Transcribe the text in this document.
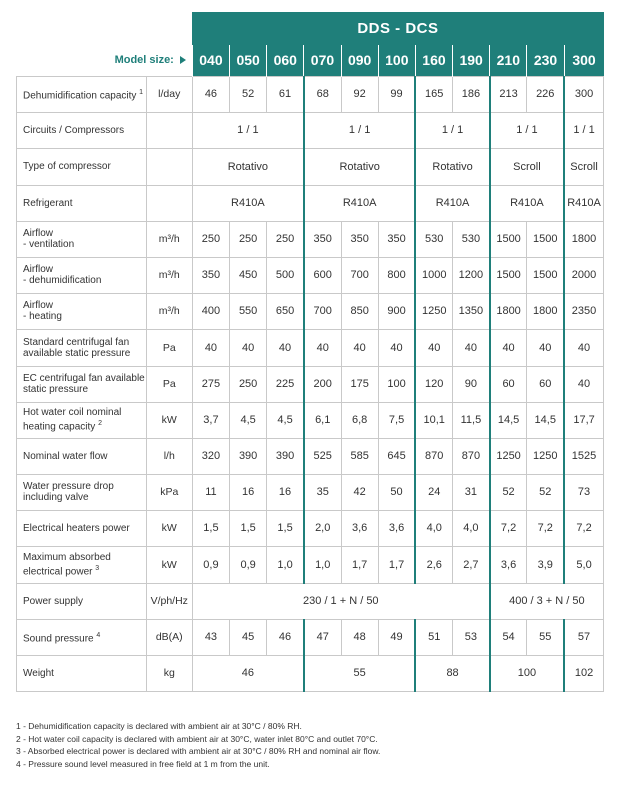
		DDS - DCS										
Model size:		040	050	060	070	090	100	160	190	210	230	300
Dehumidification capacity $^1$	l/day	46	52	61	68	92	99	165	186	213	226	300
Circuits / Compressors		1 / 1			1 / 1			1 / 1		1 / 1		1 / 1
Type of compressor		Rotativo			Rotativo			Rotativo		Scroll		Scroll
Refrigerant		R410A			R410A			R410A		R410A		R410A
Airflow
- ventilation	m³/h	250	250	250	350	350	350	530	530	1500	1500	1800
Airflow
- dehumidification	m³/h	350	450	500	600	700	800	1000	1200	1500	1500	2000
Airflow
- heating	m³/h	400	550	650	700	850	900	1250	1350	1800	1800	2350
Standard centrifugal fan available static pressure	Pa	40	40	40	40	40	40	40	40	40	40	40
EC centrifugal fan available static pressure	Pa	275	250	225	200	175	100	120	90	60	60	40
Hot water coil nominal heating capacity $^2$	kW	3,7	4,5	4,5	6,1	6,8	7,5	10,1	11,5	14,5	14,5	17,7
Nominal water flow	l/h	320	390	390	525	585	645	870	870	1250	1250	1525
Water pressure drop including valve	kPa	11	16	16	35	42	50	24	31	52	52	73
Electrical heaters power	kW	1,5	1,5	1,5	2,0	3,6	3,6	4,0	4,0	7,2	7,2	7,2
Maximum absorbed electrical power $^3$	kW	0,9	0,9	1,0	1,0	1,7	1,7	2,6	2,7	3,6	3,9	5,0
Power supply	V/ph/Hz	230 / 1 + N / 50								400 / 3 + N / 50		
Sound pressure $^4$	dB(A)	43	45	46	47	48	49	51	53	54	55	57
Weight	kg	46			55			88		100		102
1 - Dehumidification capacity is declared with ambient air at 30°C / 80% RH.
2 - Hot water coil capacity is declared with ambient air at 30°C, water inlet 80°C and outlet 70°C.
3 - Absorbed electrical power is declared with ambient air at 30°C / 80% RH and nominal air flow.
4 - Pressure sound level measured in free field at 1 m from the unit.
